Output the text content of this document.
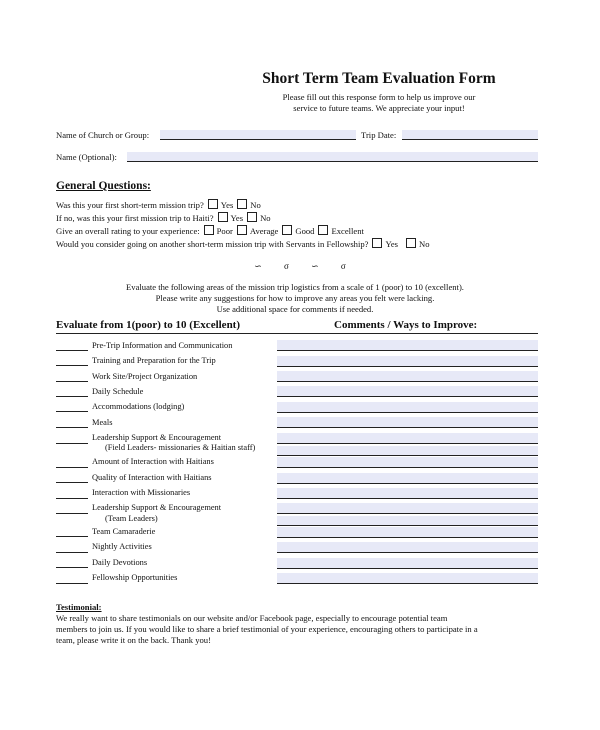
Short Term Team Evaluation Form
Please fill out this response form to help us improve our
service to future teams. We appreciate your input!
Name of Church or Group:	Trip Date:
Name (Optional):
General Questions:
Was this your first short-term mission trip? Yes No
If no, was this your first mission trip to Haiti? Yes No
Give an overall rating to your experience: Poor Average Good Excellent
Would you consider going on another short-term mission trip with Servants in Fellowship? Yes No
∽ σ ∽ σ
Evaluate the following areas of the mission trip logistics from a scale of 1 (poor) to 10 (excellent).
Please write any suggestions for how to improve any areas you felt were lacking.
Use additional space for comments if needed.
Evaluate from 1(poor) to 10 (Excellent)	Comments / Ways to Improve:
Pre-Trip Information and Communication
Training and Preparation for the Trip
Work Site/Project Organization
Daily Schedule
Accommodations (lodging)
Meals
Leadership Support & Encouragement
(Field Leaders- missionaries & Haitian staff)
Amount of Interaction with Haitians
Quality of Interaction with Haitians
Interaction with Missionaries
Leadership Support & Encouragement
(Team Leaders)
Team Camaraderie
Nightly Activities
Daily Devotions
Fellowship Opportunities
Testimonial:
We really want to share testimonials on our website and/or Facebook page, especially to encourage potential team
members to join us. If you would like to share a brief testimonial of your experience, encouraging others to participate in a
team, please write it on the back. Thank you!
